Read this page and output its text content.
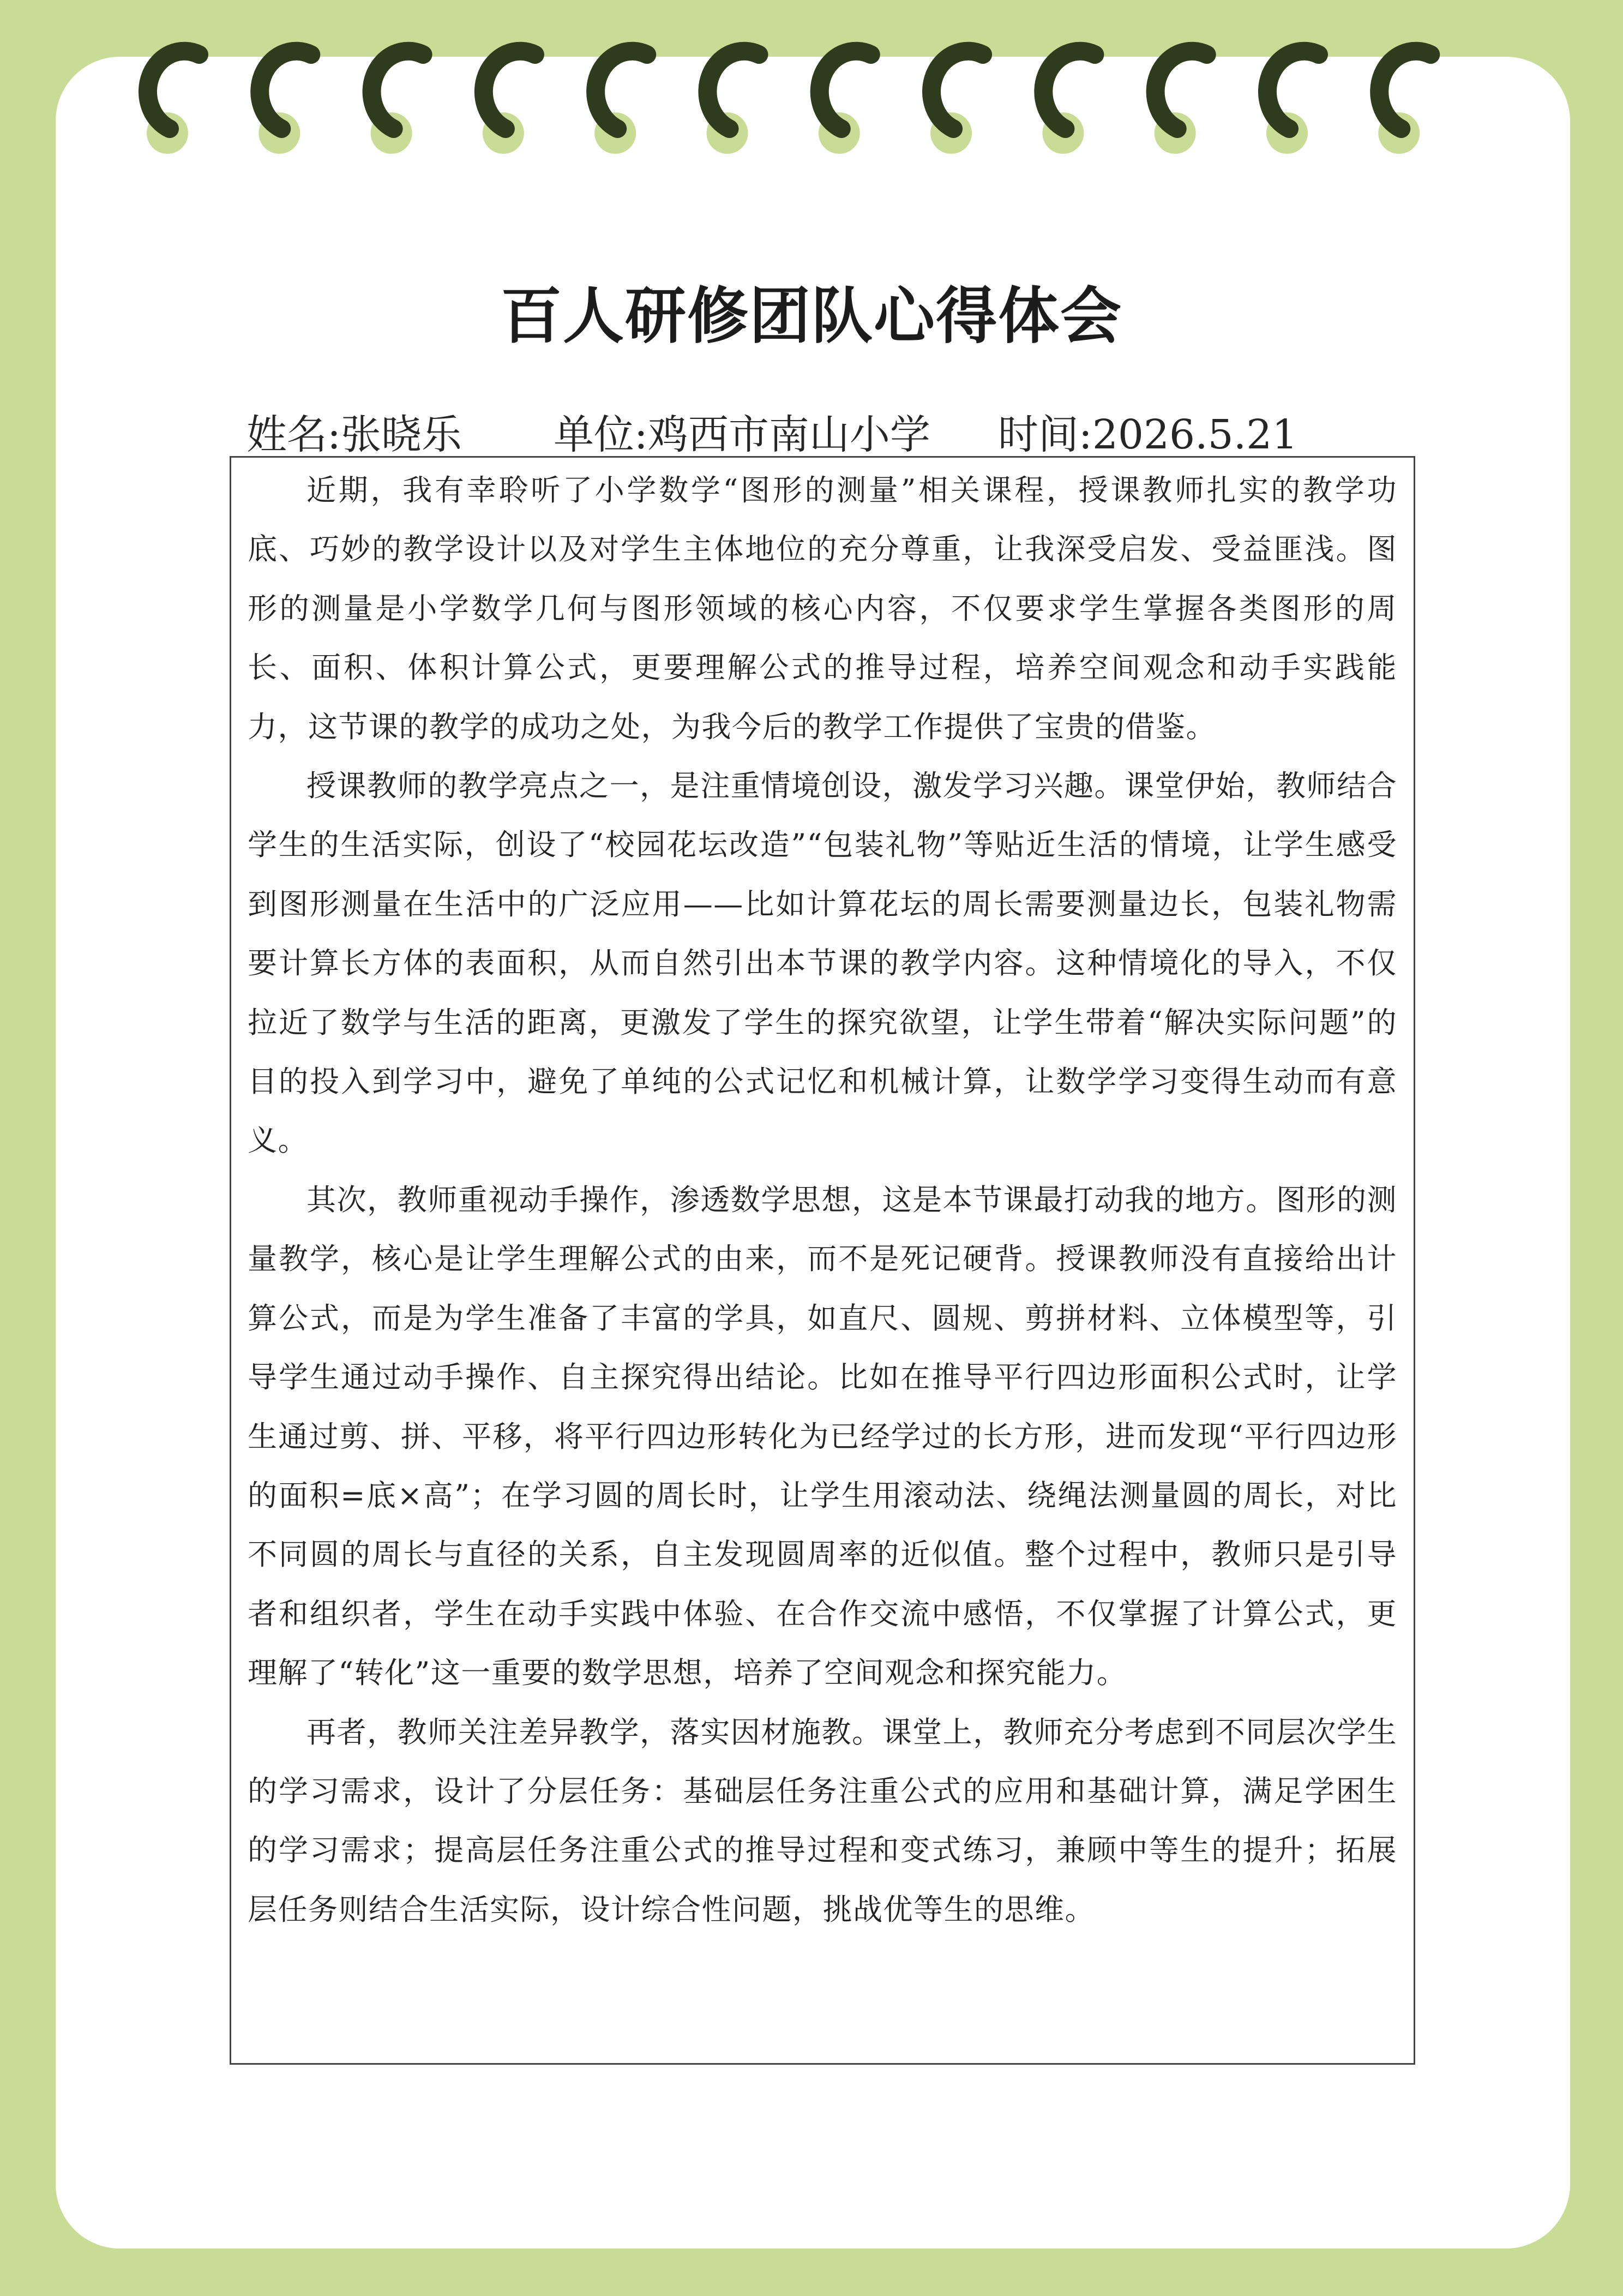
百人研修团队心得体会
姓名:张晓乐 单位:鸡西市南山小学 时间:2026.5.21

近期，我有幸聆听了小学数学“图形的测量”相关课程，授课教师扎实的教学功底、巧妙的教学设计以及对学生主体地位的充分尊重，让我深受启发、受益匪浅。图形的测量是小学数学几何与图形领域的核心内容，不仅要求学生掌握各类图形的周长、面积、体积计算公式，更要理解公式的推导过程，培养空间观念和动手实践能力，这节课的教学的成功之处，为我今后的教学工作提供了宝贵的借鉴。

授课教师的教学亮点之一，是注重情境创设，激发学习兴趣。课堂伊始，教师结合学生的生活实际，创设了“校园花坛改造”“包装礼物”等贴近生活的情境，让学生感受到图形测量在生活中的广泛应用——比如计算花坛的周长需要测量边长，包装礼物需要计算长方体的表面积，从而自然引出本节课的教学内容。这种情境化的导入，不仅拉近了数学与生活的距离，更激发了学生的探究欲望，让学生带着“解决实际问题”的目的投入到学习中，避免了单纯的公式记忆和机械计算，让数学学习变得生动而有意义。

其次，教师重视动手操作，渗透数学思想，这是本节课最打动我的地方。图形的测量教学，核心是让学生理解公式的由来，而不是死记硬背。授课教师没有直接给出计算公式，而是为学生准备了丰富的学具，如直尺、圆规、剪拼材料、立体模型等，引导学生通过动手操作、自主探究得出结论。比如在推导平行四边形面积公式时，让学生通过剪、拼、平移，将平行四边形转化为已经学过的长方形，进而发现“平行四边形的面积=底×高”；在学习圆的周长时，让学生用滚动法、绕绳法测量圆的周长，对比不同圆的周长与直径的关系，自主发现圆周率的近似值。整个过程中，教师只是引导者和组织者，学生在动手实践中体验、在合作交流中感悟，不仅掌握了计算公式，更理解了“转化”这一重要的数学思想，培养了空间观念和探究能力。

再者，教师关注差异教学，落实因材施教。课堂上，教师充分考虑到不同层次学生的学习需求，设计了分层任务：基础层任务注重公式的应用和基础计算，满足学困生的学习需求；提高层任务注重公式的推导过程和变式练习，兼顾中等生的提升；拓展层任务则结合生活实际，设计综合性问题，挑战优等生的思维。
